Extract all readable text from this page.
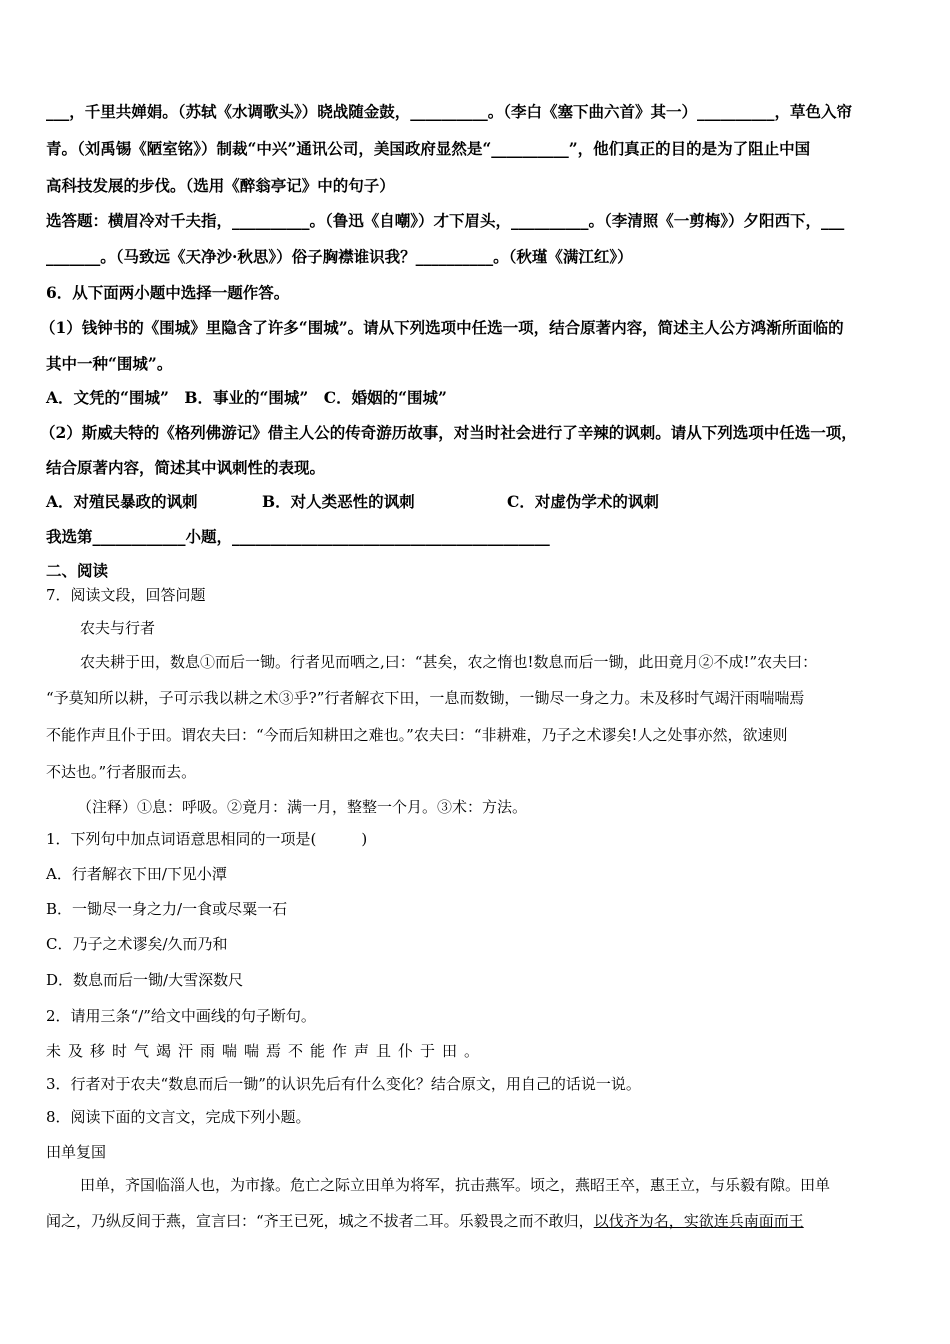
___，千里共婵娟。（苏轼《水调歌头》）晓战随金鼓，__________。（李白《塞下曲六首》其一）__________，草色入帘
青。（刘禹锡《陋室铭》）制裁“中兴”通讯公司，美国政府显然是“__________”，他们真正的目的是为了阻止中国
高科技发展的步伐。（选用《醉翁亭记》中的句子）
选答题：横眉冷对千夫指，__________。（鲁迅《自嘲》）才下眉头，__________。（李清照《一剪梅》）夕阳西下，___
_______。（马致远《天净沙·秋思》）俗子胸襟谁识我？__________。（秋瑾《满江红》）
6．从下面两小题中选择一题作答。
（1）钱钟书的《围城》里隐含了许多“围城”。请从下列选项中任选一项，结合原著内容，简述主人公方鸿渐所面临的
其中一种“围城”。
A．文凭的“围城”　B．事业的“围城”　C．婚姻的“围城”
（2）斯威夫特的《格列佛游记》借主人公的传奇游历故事，对当时社会进行了辛辣的讽刺。请从下列选项中任选一项，
结合原著内容，简述其中讽刺性的表现。
A．对殖民暴政的讽刺	B．对人类恶性的讽刺	C．对虚伪学术的讽刺
我选第____________小题，_________________________________________
二、阅读
7．阅读文段，回答问题
农夫与行者
农夫耕于田，数息①而后一锄。行者见而哂之,曰：“甚矣，农之惰也!数息而后一锄，此田竟月②不成!”农夫曰：
“予莫知所以耕，子可示我以耕之术③乎?”行者解衣下田，一息而数锄，一锄尽一身之力。未及移时气竭汗雨喘喘焉
不能作声且仆于田。谓农夫曰：“今而后知耕田之难也。”农夫曰：“非耕难，乃子之术谬矣!人之处事亦然，欲速则
不达也。”行者服而去。
（注释）①息：呼吸。②竟月：满一月，整整一个月。③术：方法。
1．下列句中加点词语意思相同的一项是(　　　)
A．行者解衣下田/下见小潭
B．一锄尽一身之力/一食或尽粟一石
C．乃子之术谬矣/久而乃和
D．数息而后一锄/大雪深数尺
2．请用三条“/”给文中画线的句子断句。
未及移时气竭汗雨喘喘焉不能作声且仆于田。
3．行者对于农夫“数息而后一锄”的认识先后有什么变化？结合原文，用自己的话说一说。
8．阅读下面的文言文，完成下列小题。
田单复国
田单，齐国临淄人也，为市掾。危亡之际立田单为将军，抗击燕军。顷之，燕昭王卒，惠王立，与乐毅有隙。田单
闻之，乃纵反间于燕，宣言曰：“齐王已死，城之不拔者二耳。乐毅畏之而不敢归，以伐齐为名，实欲连兵南面而王
